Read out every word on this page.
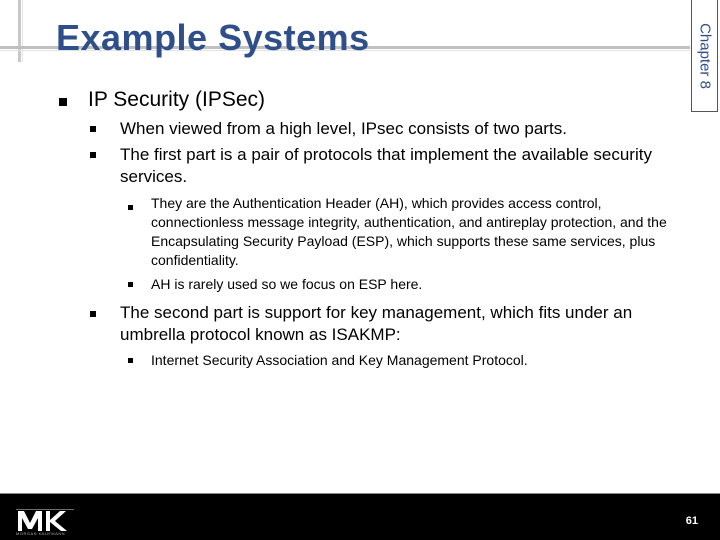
Example Systems	Chapter 8
IP Security (IPSec)
When viewed from a high level, IPsec consists of two parts.
The first part is a pair of protocols that implement the available security services.
They are the Authentication Header (AH), which provides access control, connectionless message integrity, authentication, and antireplay protection, and the Encapsulating Security Payload (ESP), which supports these same services, plus confidentiality.
AH is rarely used so we focus on ESP here.
The second part is support for key management, which fits under an umbrella protocol known as ISAKMP:
Internet Security Association and Key Management Protocol.
MORGAN KAUFMANN
61
